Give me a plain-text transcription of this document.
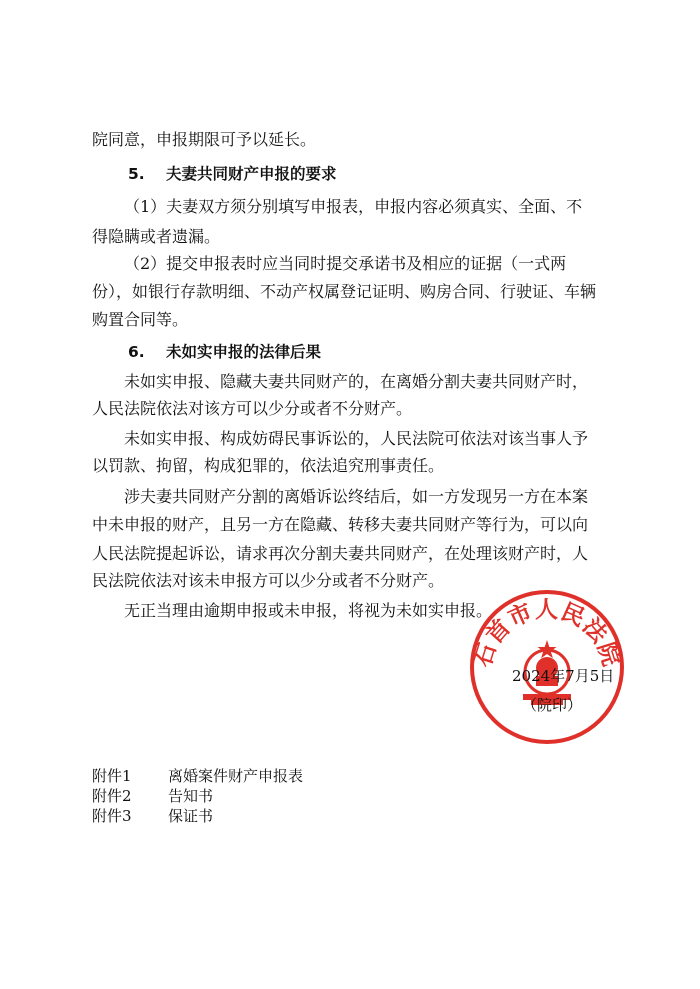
院同意，申报期限可予以延长。
5. 夫妻共同财产申报的要求
（1）夫妻双方须分别填写申报表，申报内容必须真实、全面、不
得隐瞒或者遗漏。
（2）提交申报表时应当同时提交承诺书及相应的证据（一式两
份），如银行存款明细、不动产权属登记证明、购房合同、行驶证、车辆
购置合同等。
6. 未如实申报的法律后果
未如实申报、隐藏夫妻共同财产的，在离婚分割夫妻共同财产时，
人民法院依法对该方可以少分或者不分财产。
未如实申报、构成妨碍民事诉讼的，人民法院可依法对该当事人予
以罚款、拘留，构成犯罪的，依法追究刑事责任。
涉夫妻共同财产分割的离婚诉讼终结后，如一方发现另一方在本案
中未申报的财产，且另一方在隐藏、转移夫妻共同财产等行为，可以向
人民法院提起诉讼，请求再次分割夫妻共同财产，在处理该财产时，人
民法院依法对该未申报方可以少分或者不分财产。
无正当理由逾期申报或未申报，将视为未如实申报。
石首市人民法院
2024年7月5日
（院印）
附件1 离婚案件财产申报表
附件2 告知书
附件3 保证书
